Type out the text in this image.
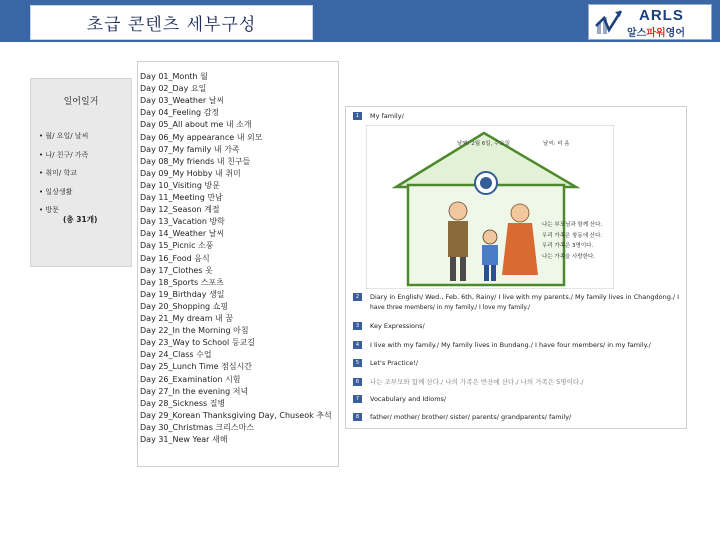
초급 콘텐츠 세부구성	ARLS
알스파워영어
일어일거
• 월/ 요일/ 날씨
• 나/ 친구/ 가족
• 취미/ 학교
• 일상생활
• 방문
(총 31개)
Day 01_Month 월
Day 02_Day 요일
Day 03_Weather 날씨
Day 04_Feeling 감정
Day 05_All about me 내 소개
Day 06_My appearance 내 외모
Day 07_My family 내 가족
Day 08_My friends 내 친구들
Day 09_My Hobby 내 취미
Day 10_Visiting 방문
Day 11_Meeting 만남
Day 12_Season 계절
Day 13_Vacation 방학
Day 14_Weather 날씨
Day 15_Picnic 소풍
Day 16_Food 음식
Day 17_Clothes 옷
Day 18_Sports 스포츠
Day 19_Birthday 생일
Day 20_Shopping 쇼핑
Day 21_My dream 내 꿈
Day 22_In the Morning 아침
Day 23_Way to School 등교길
Day 24_Class 수업
Day 25_Lunch Time 점심시간
Day 26_Examination 시험
Day 27_In the evening 저녁
Day 28_Sickness 질병
Day 29_Korean Thanksgiving Day, Chuseok 추석
Day 30_Christmas 크리스마스
Day 31_New Year 새해
1	My family/
날짜: 2월 6일, 수요일	날씨: 비 옴
나는 부모님과 함께 산다.
우리 가족은 창동에 산다.
우리 가족은 3명이다.
나는 가족을 사랑한다.
2	Diary in English/ Wed., Feb. 6th, Rainy/ I live with my parents./ My family lives in Changdong./ I
have three members/ in my family./ I love my family./
3	Key Expressions/
4	I live with my family./ My family lives in Bundang./ I have four members/ in my family./
5	Let's Practice!/
6	나는 조부모와 함께 산다./ 나의 가족은 반산에 산다./ 나의 가족은 5명이다./
7	Vocabulary and Idioms/
8	father/ mother/ brother/ sister/ parents/ grandparents/ family/
